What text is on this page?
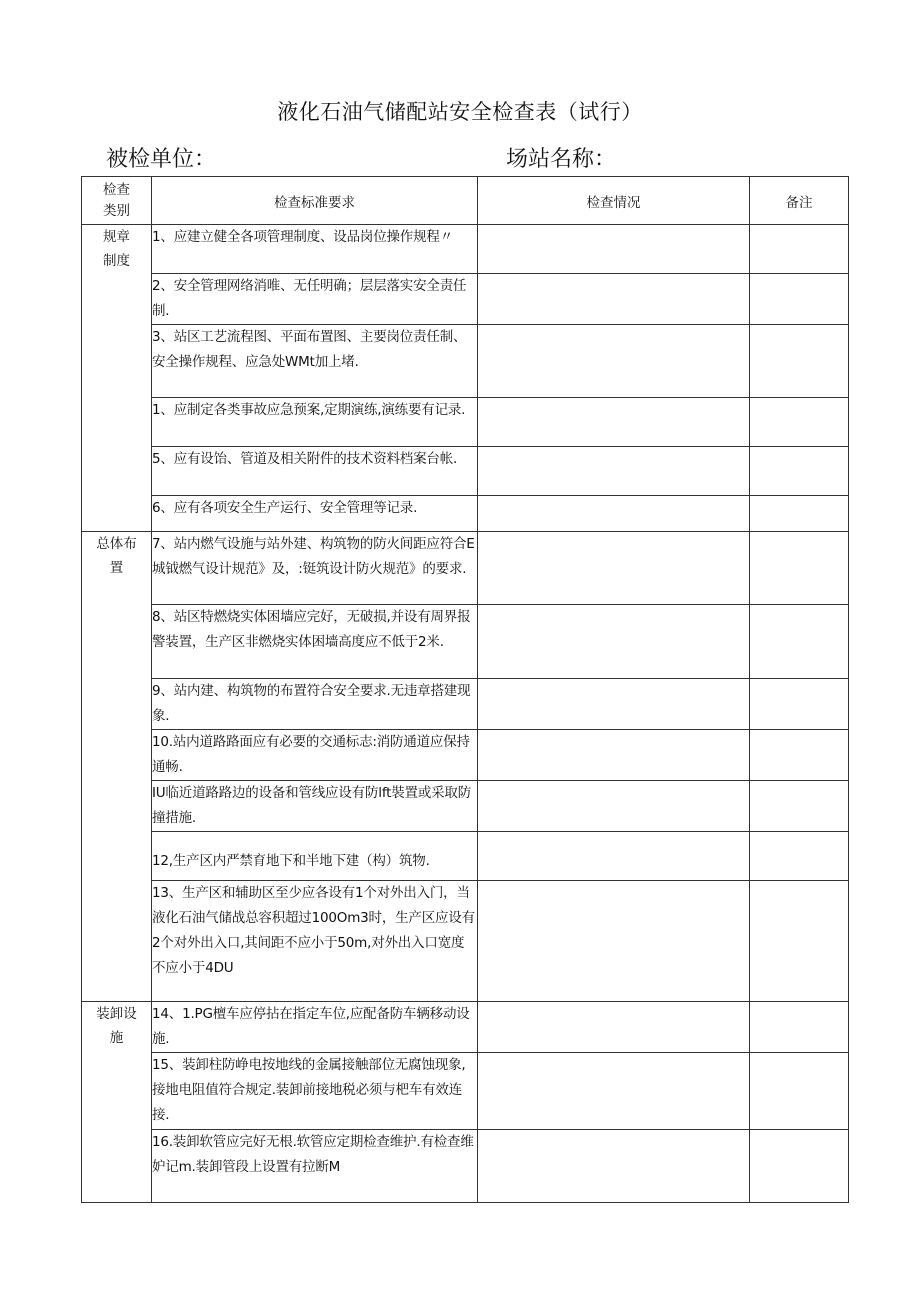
液化石油气储配站安全检查表（试行）
被检单位：	场站名称：
检查
类别	检查标准要求	检查情况	备注
规章
制度	1、应建立健全各项管理制度、设品岗位操作规程〃		
	2、安全管理网络消唯、无任明确；层层落实安全责任制.		
	3、站区工艺流程图、平面布置图、主要岗位责任制、安全操作规程、应急处WMt加上堵.		
	1、应制定各类事故应急预案,定期演练,演练要有记录.		
	5、应有设饴、管道及相关附件的技术资料档案台帐.		
	6、应有各项安全生产运行、安全管理等记录.		
总体布
置	7、站内燃气设施与站外建、构筑物的防火间距应符合E城钺燃气设计规范》及，:铤筑设计防火规范》的要求.		
	8、站区特燃烧实体困墙应完好，无破损,并设有周界报警装置，生产区非燃烧实体困墙高度应不低于2米.		
	9、站内建、构筑物的布置符合安全要求.无违章搭建现象.		
	10.站内道路路面应有必要的交通标志:消防通道应保持通畅.		
	IU临近道路路边的设备和管线应设有防lft裝置或采取防撞措施.		
	12,生产区内严禁育地下和半地下建（构）筑物.		
	13、生产区和辅助区至少应各设有1个对外出入门，当液化石油气储战总容积超过100Om3时，生产区应设有2个对外出入口,其间距不应小于50m,对外出入口宽度不应小于4DU		
装卸设
施	14、1.PG檀车应停拈在指定车位,应配备防车辆移动设施.		
	15、装卸柱防峥电按地线的金属接触部位无腐蚀现象,接地电阻值符合规定.装卸前接地税必须与杷车有效连接.		
	16.装卸软管应完好无根.软管应定期检查维护.有检查维妒记m.装卸管段上设置有拉断M		
